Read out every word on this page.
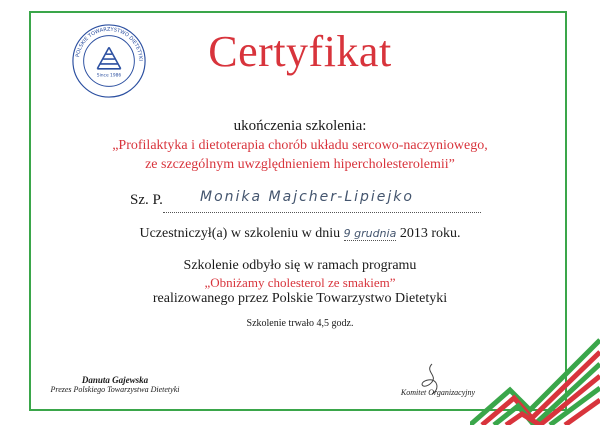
POLSKIE TOWARZYSTWO DIETETYKI
Since 1986
Certyfikat
ukończenia szkolenia:
„Profilaktyka i dietoterapia chorób układu sercowo-naczyniowego,
ze szczególnym uwzględnieniem hipercholesterolemii”
Sz. P.	Monika Majcher-Lipiejko
Uczestniczył(a) w szkoleniu w dniu 9 grudnia 2013 roku.
Szkolenie odbyło się w ramach programu
„Obniżamy cholesterol ze smakiem”
realizowanego przez Polskie Towarzystwo Dietetyki
Szkolenie trwało 4,5 godz.
Danuta Gajewska
Prezes Polskiego Towarzystwa Dietetyki	Komitet Organizacyjny
